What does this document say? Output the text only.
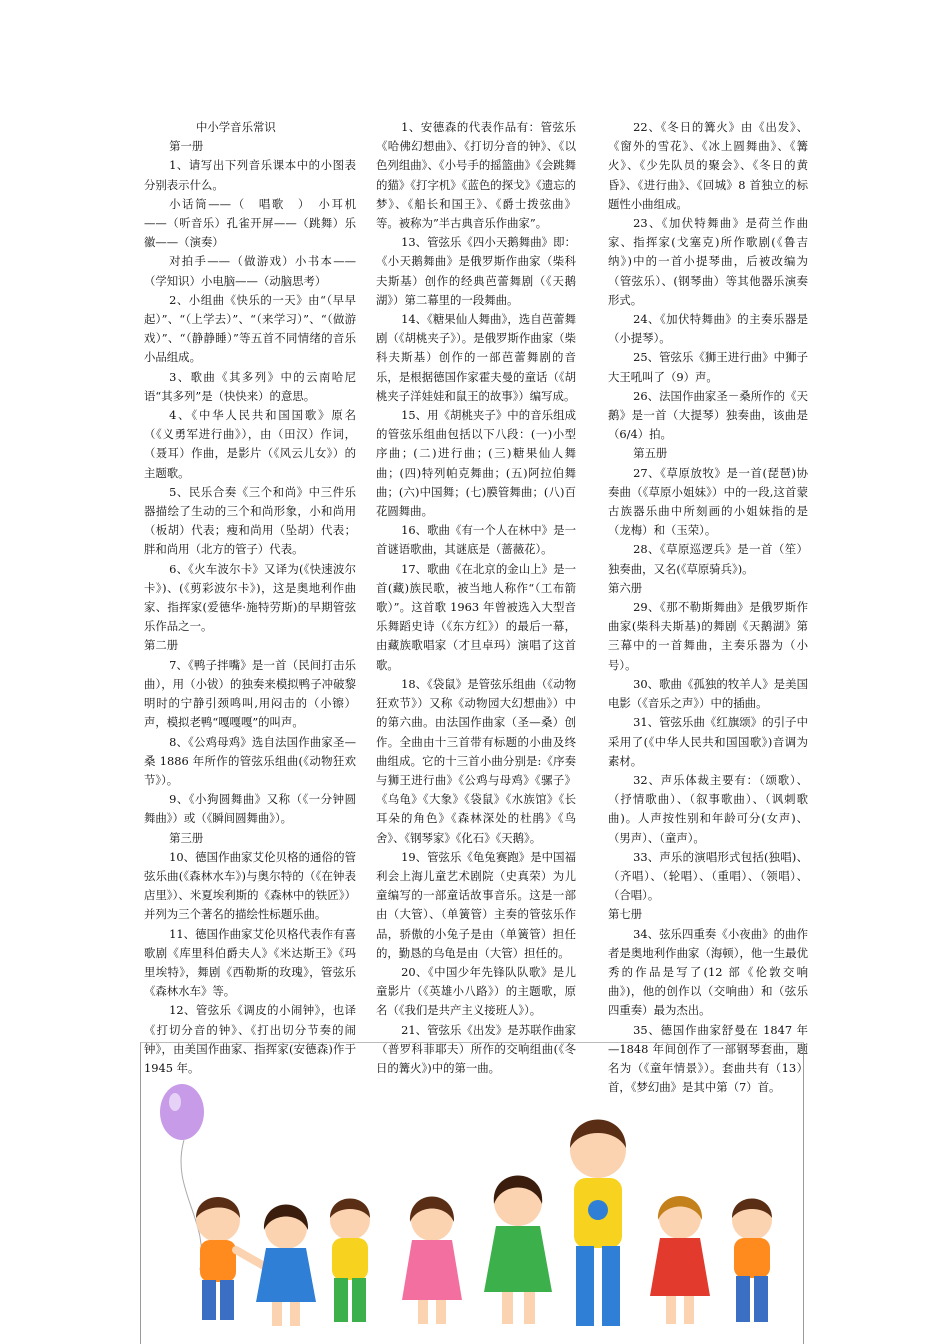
中小学音乐常识

第一册

1、请写出下列音乐课本中的小图表分别表示什么。

小话筒——（　唱歌　）　小耳机——（听音乐）孔雀开屏——（跳舞）乐徽——（演奏）

对拍手——（做游戏）小书本——（学知识）小电脑——（动脑思考）

2、小组曲《快乐的一天》由“（早早起）”、“（上学去）”、“（来学习）”、“（做游戏）”、“（静静睡）”等五首不同情绪的音乐小品组成。

3、歌曲《其多列》中的云南哈尼语“其多列”是（快快来）的意思。

4、《中华人民共和国国歌》原名（《义勇军进行曲》），由（田汉）作词，（聂耳）作曲，是影片（《风云儿女》）的主题歌。

5、民乐合奏《三个和尚》中三件乐器描绘了生动的三个和尚形象，小和尚用（板胡）代表；瘦和尚用（坠胡）代表；胖和尚用（北方的管子）代表。

6、《火车波尔卡》又译为(《快速波尔卡》)、(《剪彩波尔卡》)，这是奥地利作曲家、指挥家(爱德华·施特劳斯)的早期管弦乐作品之一。

第二册

7、《鸭子拌嘴》是一首（民间打击乐曲），用（小钹）的独奏来模拟鸭子冲破黎明时的宁静引颈鸣叫,用闷击的（小镲）声，模拟老鸭“嘎嘎嘎”的叫声。

8、《公鸡母鸡》选自法国作曲家圣—桑 1886 年所作的管弦乐组曲(《动物狂欢节》）。

9、《小狗圆舞曲》又称（《一分钟圆舞曲》）或（《瞬间圆舞曲》）。

第三册

10、德国作曲家艾伦贝格的通俗的管弦乐曲(《森林水车》)与奥尔特的（《在钟表店里》）、米夏埃利斯的《森林中的铁匠》）并列为三个著名的描绘性标题乐曲。

11、德国作曲家艾伦贝格代表作有喜歌剧《库里科伯爵夫人》《米达斯王》《玛里埃特》，舞剧《西勒斯的玫瑰》，管弦乐《森林水车》等。

12、管弦乐《调皮的小闹钟》，也译《打切分音的钟》、《打出切分节奏的闹钟》，由美国作曲家、指挥家(安德森)作于 1945 年。

1、安德森的代表作品有：管弦乐《哈佛幻想曲》、《打切分音的钟》、《以色列组曲》、《小号手的摇篮曲》《会跳舞的猫》《打字机》《蓝色的探戈》《遗忘的梦》、《船长和国王》、《爵士拨弦曲》等。被称为”半古典音乐作曲家”。

13、管弦乐《四小天鹅舞曲》即：《小天鹅舞曲》是俄罗斯作曲家（柴科夫斯基）创作的经典芭蕾舞剧（《天鹅湖》）第二幕里的一段舞曲。

14、《糖果仙人舞曲》，选自芭蕾舞剧（《胡桃夹子》）。是俄罗斯作曲家（柴科夫斯基）创作的一部芭蕾舞剧的音乐，是根据德国作家霍夫曼的童话（《胡桃夹子洋娃娃和鼠王的故事》）编写成。

15、用《胡桃夹子》中的音乐组成的管弦乐组曲包括以下八段：(一)小型序曲；(二)进行曲；(三)糖果仙人舞曲；(四)特列帕克舞曲；(五)阿拉伯舞曲；(六)中国舞；(七)膜管舞曲；(八)百花圆舞曲。

16、歌曲《有一个人在林中》是一首谜语歌曲，其谜底是（蔷薇花）。

17、歌曲《在北京的金山上》是一首(藏)族民歌，被当地人称作“（工布箭歌）”。这首歌 1963 年曾被选入大型音乐舞蹈史诗（《东方红》）的最后一幕，由藏族歌唱家（才旦卓玛）演唱了这首歌。

18、《袋鼠》是管弦乐组曲（《动物狂欢节》）又称《动物园大幻想曲》）中的第六曲。由法国作曲家（圣—桑）创作。全曲由十三首带有标题的小曲及终曲组成。它的十三首小曲分别是:《序奏与狮王进行曲》《公鸡与母鸡》《骡子》《乌龟》《大象》《袋鼠》《水族馆》《长耳朵的角色》《森林深处的杜鹃》《鸟舍》、《钢琴家》《化石》《天鹅》。

19、管弦乐《龟兔赛跑》是中国福利会上海儿童艺术剧院（史真荣）为儿童编写的一部童话故事音乐。这是一部由（大管）、（单簧管）主奏的管弦乐作品，骄傲的小兔子是由（单簧管）担任的，勤恳的乌龟是由（大管）担任的。

20、《中国少年先锋队队歌》是儿童影片（《英雄小八路》）的主题歌，原名（《我们是共产主义接班人》）。

21、管弦乐《出发》是苏联作曲家（普罗科菲耶夫）所作的交响组曲(《冬日的篝火》)中的第一曲。

22、《冬日的篝火》由《出发》、《窗外的雪花》、《冰上圆舞曲》、《篝火》、《少先队员的聚会》、《冬日的黄昏》、《进行曲》、《回城》8 首独立的标题性小曲组成。

23、《加伏特舞曲》是荷兰作曲家、指挥家(戈塞克)所作歌剧(《鲁吉纳》)中的一首小提琴曲，后被改编为（管弦乐）、(钢琴曲）等其他器乐演奏形式。

24、《加伏特舞曲》的主奏乐器是（小提琴）。

25、管弦乐《狮王进行曲》中狮子大王吼叫了（9）声。

26、法国作曲家圣－桑所作的《天鹅》是一首（大提琴）独奏曲，该曲是（6/4）拍。

第五册

27、《草原放牧》是一首(琵琶)协奏曲（《草原小姐妹》）中的一段,这首蒙古族器乐曲中所刻画的小姐妹指的是（龙梅）和（玉荣）。

28、《草原巡逻兵》是一首（笙）独奏曲，又名(《草原骑兵》)。

第六册

29、《那不勒斯舞曲》是俄罗斯作曲家(柴科夫斯基)的舞剧《天鹅湖》第三幕中的一首舞曲，主奏乐器为（小号）。

30、歌曲《孤独的牧羊人》是美国电影（《音乐之声》）中的插曲。

31、管弦乐曲《红旗颂》的引子中采用了(《中华人民共和国国歌》)音调为素材。

32、声乐体裁主要有：（颂歌）、（抒情歌曲）、（叙事歌曲）、（讽刺歌曲)。人声按性别和年龄可分(女声)、（男声）、（童声）。

33、声乐的演唱形式包括(独唱)、（齐唱）、（轮唱）、（重唱）、（领唱）、（合唱）。

第七册

34、弦乐四重奏《小夜曲》的曲作者是奥地利作曲家（海顿），他一生最优秀的作品是写了(12 部《伦敦交响曲》)，他的创作以（交响曲）和（弦乐四重奏）最为杰出。

35、德国作曲家舒曼在 1847 年—1848 年间创作了一部钢琴套曲，题名为（《童年情景》）。套曲共有（13）首，《梦幻曲》是其中第（7）首。
